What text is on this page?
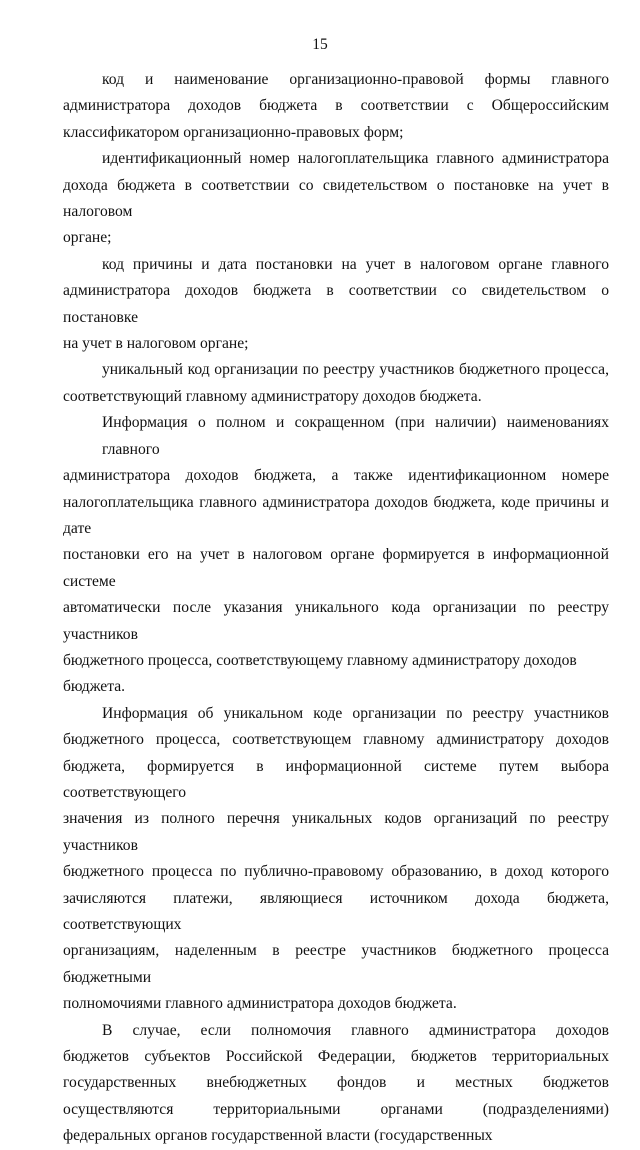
15

код и наименование организационно-правовой формы главного
администратора доходов бюджета в соответствии с Общероссийским
классификатором организационно-правовых форм;

идентификационный номер налогоплательщика главного администратора
дохода бюджета в соответствии со свидетельством о постановке на учет в налоговом
органе;

код причины и дата постановки на учет в налоговом органе главного
администратора доходов бюджета в соответствии со свидетельством о постановке
на учет в налоговом органе;

уникальный код организации по реестру участников бюджетного процесса,
соответствующий главному администратору доходов бюджета.

Информация о полном и сокращенном (при наличии) наименованиях главного
администратора доходов бюджета, а также идентификационном номере
налогоплательщика главного администратора доходов бюджета, коде причины и дате
постановки его на учет в налоговом органе формируется в информационной системе
автоматически после указания уникального кода организации по реестру участников
бюджетного процесса, соответствующему главному администратору доходов бюджета.

Информация об уникальном коде организации по реестру участников
бюджетного процесса, соответствующем главному администратору доходов
бюджета, формируется в информационной системе путем выбора соответствующего
значения из полного перечня уникальных кодов организаций по реестру участников
бюджетного процесса по публично-правовому образованию, в доход которого
зачисляются платежи, являющиеся источником дохода бюджета, соответствующих
организациям, наделенным в реестре участников бюджетного процесса бюджетными
полномочиями главного администратора доходов бюджета.

В случае, если полномочия главного администратора доходов
бюджетов субъектов Российской Федерации, бюджетов территориальных
государственных внебюджетных фондов и местных бюджетов
осуществляются территориальными органами (подразделениями)
федеральных органов государственной власти (государственных
